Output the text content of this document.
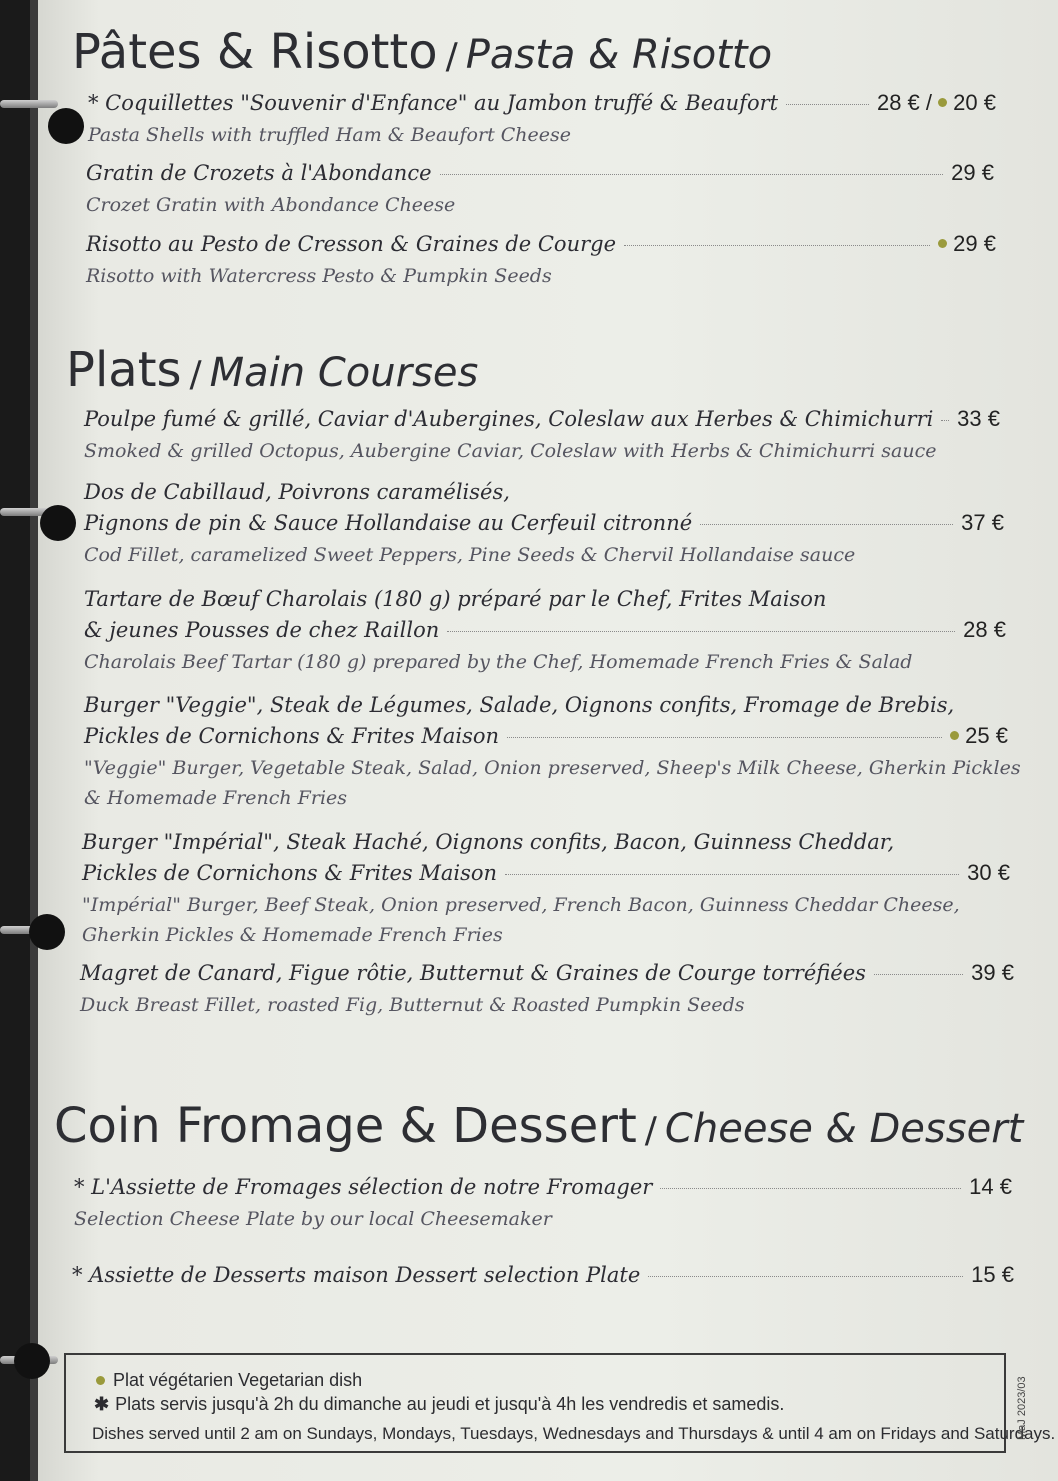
Pâtes & Risotto / Pasta & Risotto
* Coquillettes "Souvenir d'Enfance" au Jambon truffé & Beaufort	28 € / 20 €
Pasta Shells with truffled Ham & Beaufort Cheese
Gratin de Crozets à l'Abondance	29 €
Crozet Gratin with Abondance Cheese
Risotto au Pesto de Cresson & Graines de Courge	29 €
Risotto with Watercress Pesto & Pumpkin Seeds
Plats / Main Courses
Poulpe fumé & grillé, Caviar d'Aubergines, Coleslaw aux Herbes & Chimichurri 33 €
Smoked & grilled Octopus, Aubergine Caviar, Coleslaw with Herbs & Chimichurri sauce
Dos de Cabillaud, Poivrons caramélisés,
Pignons de pin & Sauce Hollandaise au Cerfeuil citronné	37 €
Cod Fillet, caramelized Sweet Peppers, Pine Seeds & Chervil Hollandaise sauce
Tartare de Bœuf Charolais (180 g) préparé par le Chef, Frites Maison
& jeunes Pousses de chez Raillon	28 €
Charolais Beef Tartar (180 g) prepared by the Chef, Homemade French Fries & Salad
Burger "Veggie", Steak de Légumes, Salade, Oignons confits, Fromage de Brebis,
Pickles de Cornichons & Frites Maison	25 €
"Veggie" Burger, Vegetable Steak, Salad, Onion preserved, Sheep's Milk Cheese, Gherkin Pickles
& Homemade French Fries
Burger "Impérial", Steak Haché, Oignons confits, Bacon, Guinness Cheddar,
Pickles de Cornichons & Frites Maison	30 €
"Impérial" Burger, Beef Steak, Onion preserved, French Bacon, Guinness Cheddar Cheese,
Gherkin Pickles & Homemade French Fries
Magret de Canard, Figue rôtie, Butternut & Graines de Courge torréfiées	39 €
Duck Breast Fillet, roasted Fig, Butternut & Roasted Pumpkin Seeds
Coin Fromage & Dessert / Cheese & Dessert
* L'Assiette de Fromages sélection de notre Fromager	14 €
Selection Cheese Plate by our local Cheesemaker
* Assiette de Desserts maison Dessert selection Plate	15 €
Plat végétarien Vegetarian dish
✱ Plats servis jusqu'à 2h du dimanche au jeudi et jusqu'à 4h les vendredis et samedis.
Dishes served until 2 am on Sundays, Mondays, Tuesdays, Wednesdays and Thursdays & until 4 am on Fridays and Saturdays.
MaJ 2023/03
